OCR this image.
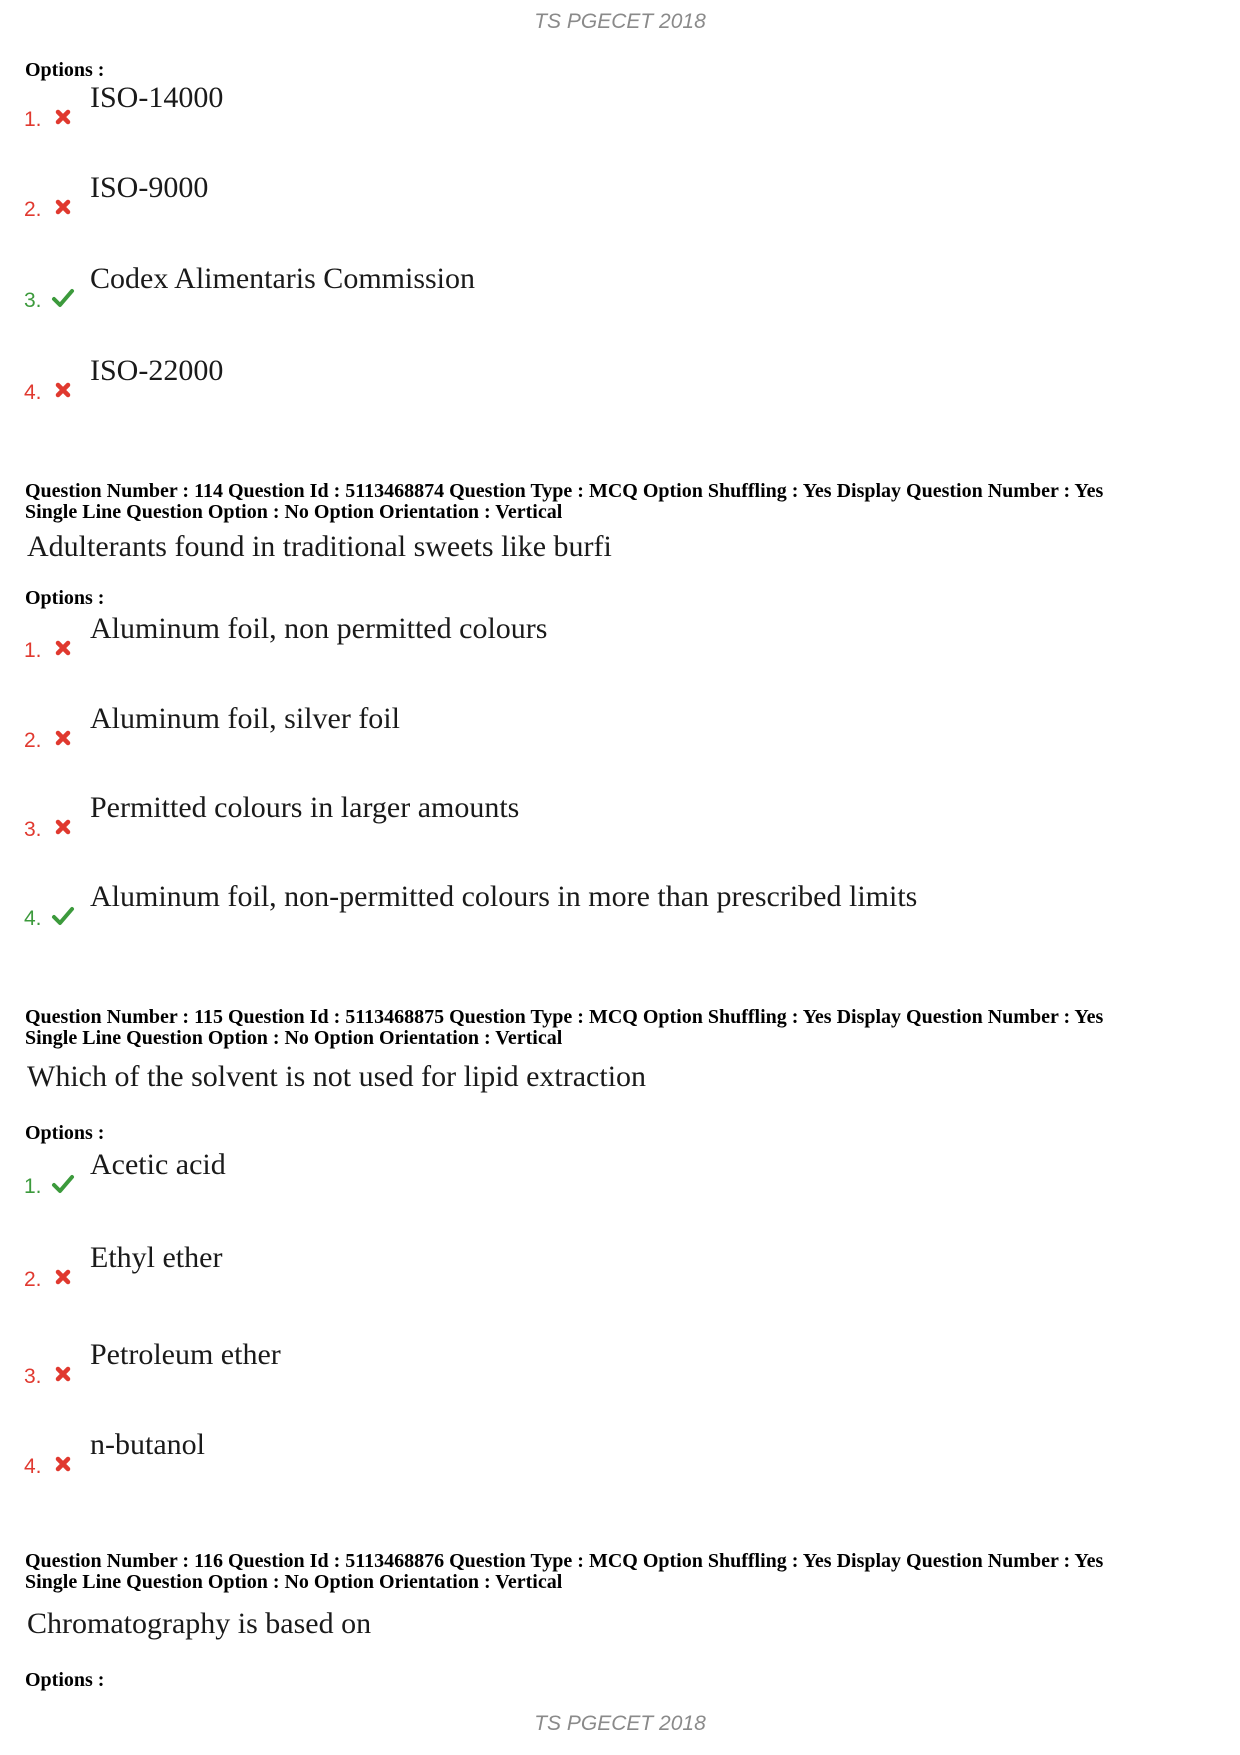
TS PGECET 2018
Options :
1.
ISO-14000
2.
ISO-9000
3.
Codex Alimentaris Commission
4.
ISO-22000
Question Number : 114 Question Id : 5113468874 Question Type : MCQ Option Shuffling : Yes Display Question Number : Yes
Single Line Question Option : No Option Orientation : Vertical
Adulterants found in traditional sweets like burfi
Options :
1.
Aluminum foil, non permitted colours
2.
Aluminum foil, silver foil
3.
Permitted colours in larger amounts
4.
Aluminum foil, non-permitted colours in more than prescribed limits
Question Number : 115 Question Id : 5113468875 Question Type : MCQ Option Shuffling : Yes Display Question Number : Yes
Single Line Question Option : No Option Orientation : Vertical
Which of the solvent is not used for lipid extraction
Options :
1.
Acetic acid
2.
Ethyl ether
3.
Petroleum ether
4.
n-butanol
Question Number : 116 Question Id : 5113468876 Question Type : MCQ Option Shuffling : Yes Display Question Number : Yes
Single Line Question Option : No Option Orientation : Vertical
Chromatography is based on
Options :
TS PGECET 2018
